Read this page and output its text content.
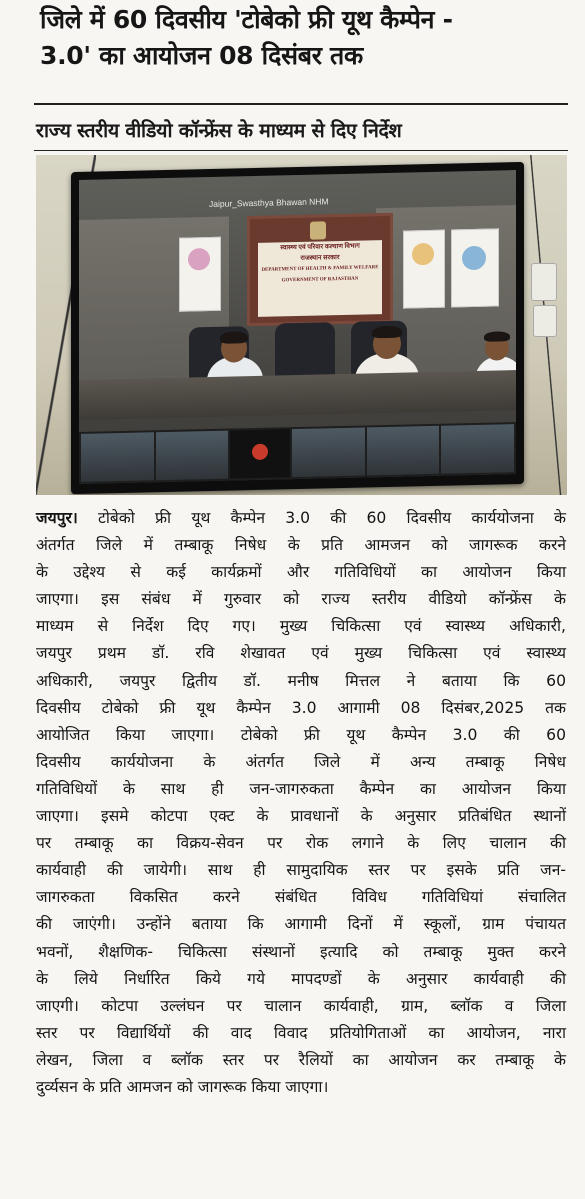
जिले में 60 दिवसीय 'टोबेको फ्री यूथ कैम्पेन -
3.0' का आयोजन 08 दिसंबर तक
राज्य स्तरीय वीडियो कॉन्फ्रेंस के माध्यम से दिए निर्देश
Jaipur_Swasthya Bhawan NHM
स्वास्थ्य एवं परिवार कल्याण विभाग
राजस्थान सरकार
DEPARTMENT OF HEALTH & FAMILY WELFARE
GOVERNMENT OF RAJASTHAN
जयपुर। टोबेको फ्री यूथ कैम्पेन 3.0 की 60 दिवसीय कार्ययोजना के
अंतर्गत जिले में तम्बाकू निषेध के प्रति आमजन को जागरूक करने
के उद्देश्य से कई कार्यक्रमों और गतिविधियों का आयोजन किया
जाएगा। इस संबंध में गुरुवार को राज्य स्तरीय वीडियो कॉन्फ्रेंस के
माध्यम से निर्देश दिए गए। मुख्य चिकित्सा एवं स्वास्थ्य अधिकारी,
जयपुर प्रथम डॉ. रवि शेखावत एवं मुख्य चिकित्सा एवं स्वास्थ्य
अधिकारी, जयपुर द्वितीय डॉ. मनीष मित्तल ने बताया कि 60
दिवसीय टोबेको फ्री यूथ कैम्पेन 3.0 आगामी 08 दिसंबर,2025 तक
आयोजित किया जाएगा। टोबेको फ्री यूथ कैम्पेन 3.0 की 60
दिवसीय कार्ययोजना के अंतर्गत जिले में अन्य तम्बाकू निषेध
गतिविधियों के साथ ही जन-जागरुकता कैम्पेन का आयोजन किया
जाएगा। इसमे कोटपा एक्ट के प्रावधानों के अनुसार प्रतिबंधित स्थानों
पर तम्बाकू का विक्रय-सेवन पर रोक लगाने के लिए चालान की
कार्यवाही की जायेगी। साथ ही सामुदायिक स्तर पर इसके प्रति जन-
जागरुकता विकसित करने संबंधित विविध गतिविधियां संचालित
की जाएंगी। उन्होंने बताया कि आगामी दिनों में स्कूलों, ग्राम पंचायत
भवनों, शैक्षणिक- चिकित्सा संस्थानों इत्यादि को तम्बाकू मुक्त करने
के लिये निर्धारित किये गये मापदण्डों के अनुसार कार्यवाही की
जाएगी। कोटपा उल्लंघन पर चालान कार्यवाही, ग्राम, ब्लॉक व जिला
स्तर पर विद्यार्थियों की वाद विवाद प्रतियोगिताओं का आयोजन, नारा
लेखन, जिला व ब्लॉक स्तर पर रैलियों का आयोजन कर तम्बाकू के
दुर्व्यसन के प्रति आमजन को जागरूक किया जाएगा।
